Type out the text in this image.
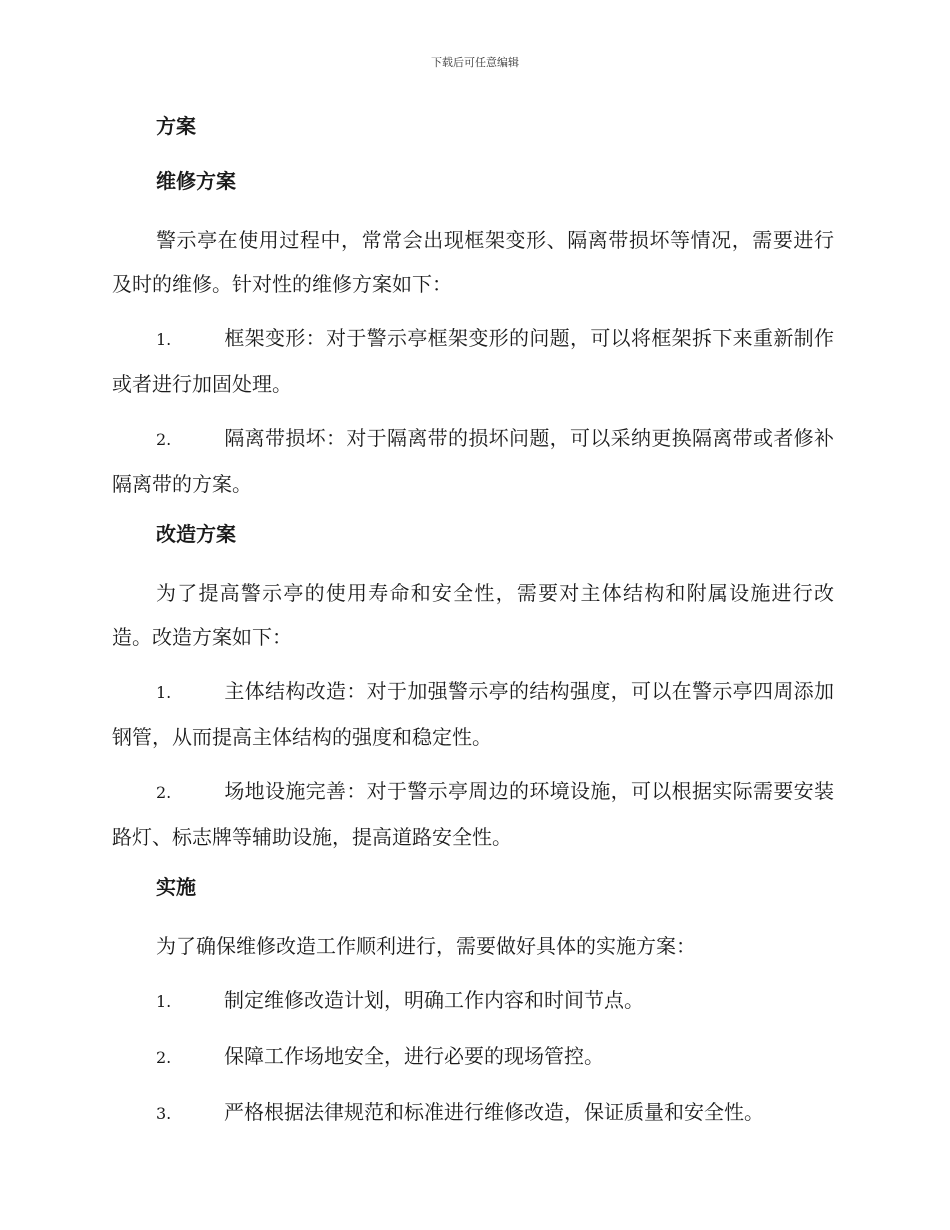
下载后可任意编辑
方案
维修方案

警示亭在使用过程中，常常会出现框架变形、隔离带损坏等情况，需要进行及时的维修。针对性的维修方案如下：

1.	框架变形：对于警示亭框架变形的问题，可以将框架拆下来重新制作或者进行加固处理。

2.	隔离带损坏：对于隔离带的损坏问题，可以采纳更换隔离带或者修补隔离带的方案。

改造方案

为了提高警示亭的使用寿命和安全性，需要对主体结构和附属设施进行改造。改造方案如下：

1.	主体结构改造：对于加强警示亭的结构强度，可以在警示亭四周添加钢管，从而提高主体结构的强度和稳定性。

2.	场地设施完善：对于警示亭周边的环境设施，可以根据实际需要安装路灯、标志牌等辅助设施，提高道路安全性。

实施

为了确保维修改造工作顺利进行，需要做好具体的实施方案：

1.	制定维修改造计划，明确工作内容和时间节点。

2.	保障工作场地安全，进行必要的现场管控。

3.	严格根据法律规范和标准进行维修改造，保证质量和安全性。
